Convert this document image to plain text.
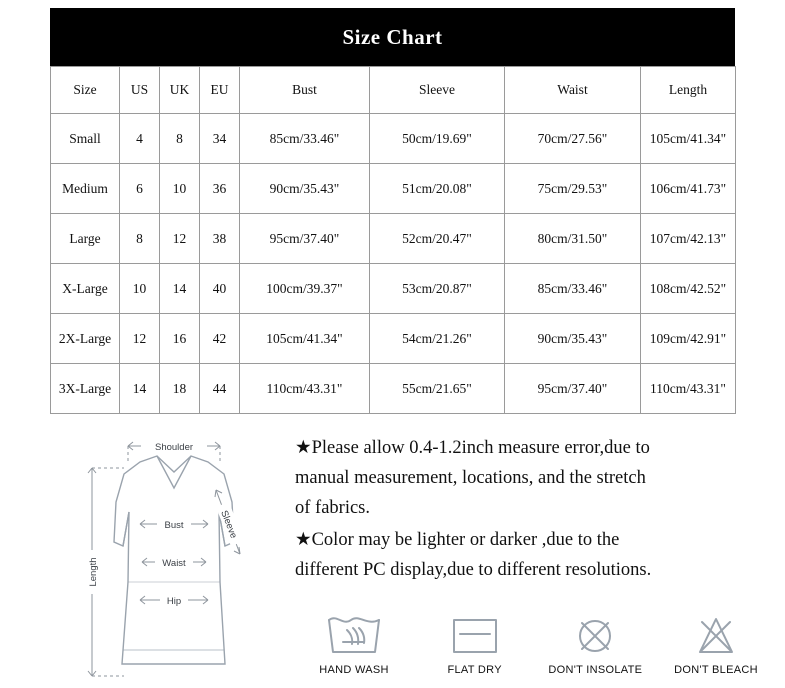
Size Chart
Size	US	UK	EU	Bust	Sleeve	Waist	Length
Small	4	8	34	85cm/33.46"	50cm/19.69"	70cm/27.56"	105cm/41.34"
Medium	6	10	36	90cm/35.43"	51cm/20.08"	75cm/29.53"	106cm/41.73"
Large	8	12	38	95cm/37.40"	52cm/20.47"	80cm/31.50"	107cm/42.13"
X-Large	10	14	40	100cm/39.37"	53cm/20.87"	85cm/33.46"	108cm/42.52"
2X-Large	12	16	42	105cm/41.34"	54cm/21.26"	90cm/35.43"	109cm/42.91"
3X-Large	14	18	44	110cm/43.31"	55cm/21.65"	95cm/37.40"	110cm/43.31"
Shoulder
Bust
Waist
Hip
Length
Sleeve
★Please allow 0.4-1.2inch measure error,due to
manual measurement, locations, and the stretch
of fabrics.
★Color may be lighter or darker ,due to the
different PC display,due to different resolutions.
HAND WASH	FLAT DRY	DON'T INSOLATE	DON'T BLEACH
